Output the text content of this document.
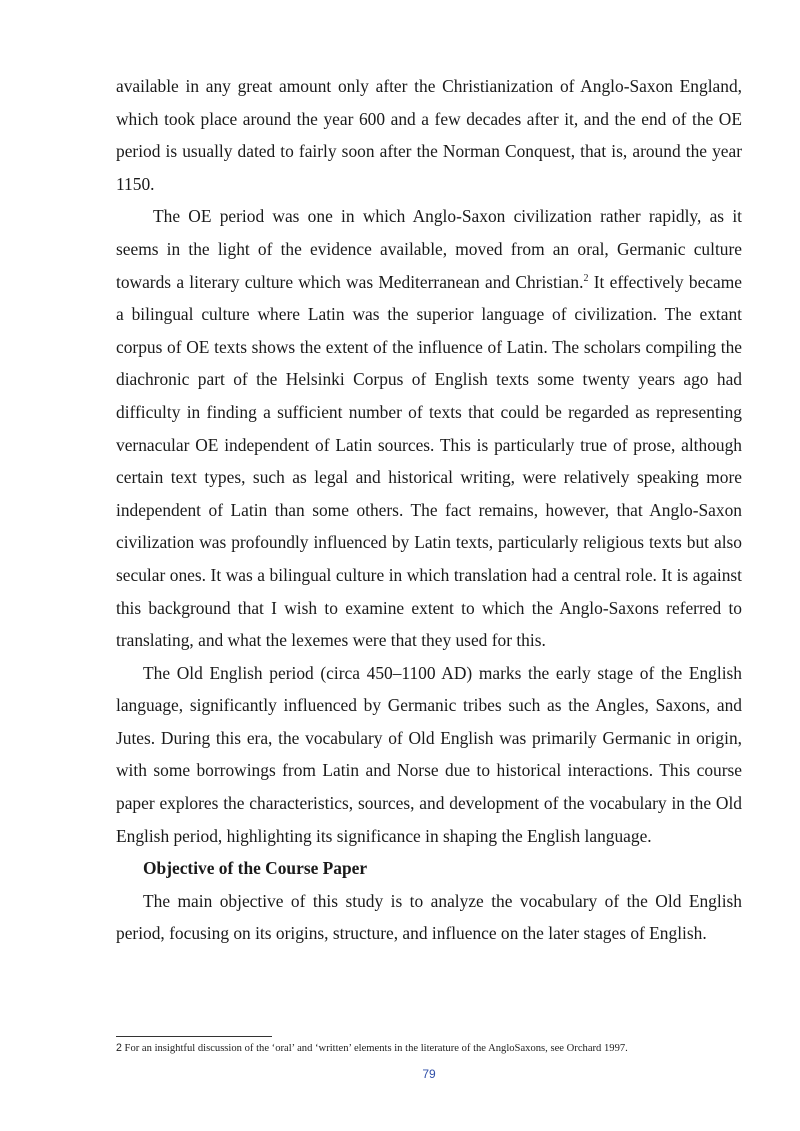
available in any great amount only after the Christianization of Anglo-Saxon England, which took place around the year 600 and a few decades after it, and the end of the OE period is usually dated to fairly soon after the Norman Conquest, that is, around the year 1150.

The OE period was one in which Anglo-Saxon civilization rather rapidly, as it seems in the light of the evidence available, moved from an oral, Germanic culture towards a literary culture which was Mediterranean and Christian.$^2$ It effectively became a bilingual culture where Latin was the superior language of civilization. The extant corpus of OE texts shows the extent of the influence of Latin. The scholars compiling the diachronic part of the Helsinki Corpus of English texts some twenty years ago had difficulty in finding a sufficient number of texts that could be regarded as representing vernacular OE independent of Latin sources. This is particularly true of prose, although certain text types, such as legal and historical writing, were relatively speaking more independent of Latin than some others. The fact remains, however, that Anglo-Saxon civilization was profoundly influenced by Latin texts, particularly religious texts but also secular ones. It was a bilingual culture in which translation had a central role. It is against this background that I wish to examine extent to which the Anglo-Saxons referred to translating, and what the lexemes were that they used for this.

The Old English period (circa 450–1100 AD) marks the early stage of the English language, significantly influenced by Germanic tribes such as the Angles, Saxons, and Jutes. During this era, the vocabulary of Old English was primarily Germanic in origin, with some borrowings from Latin and Norse due to historical interactions. This course paper explores the characteristics, sources, and development of the vocabulary in the Old English period, highlighting its significance in shaping the English language.

Objective of the Course Paper

The main objective of this study is to analyze the vocabulary of the Old English period, focusing on its origins, structure, and influence on the later stages of English.

2 For an insightful discussion of the ‘oral’ and ‘written’ elements in the literature of the AngloSaxons, see Orchard 1997.
79
